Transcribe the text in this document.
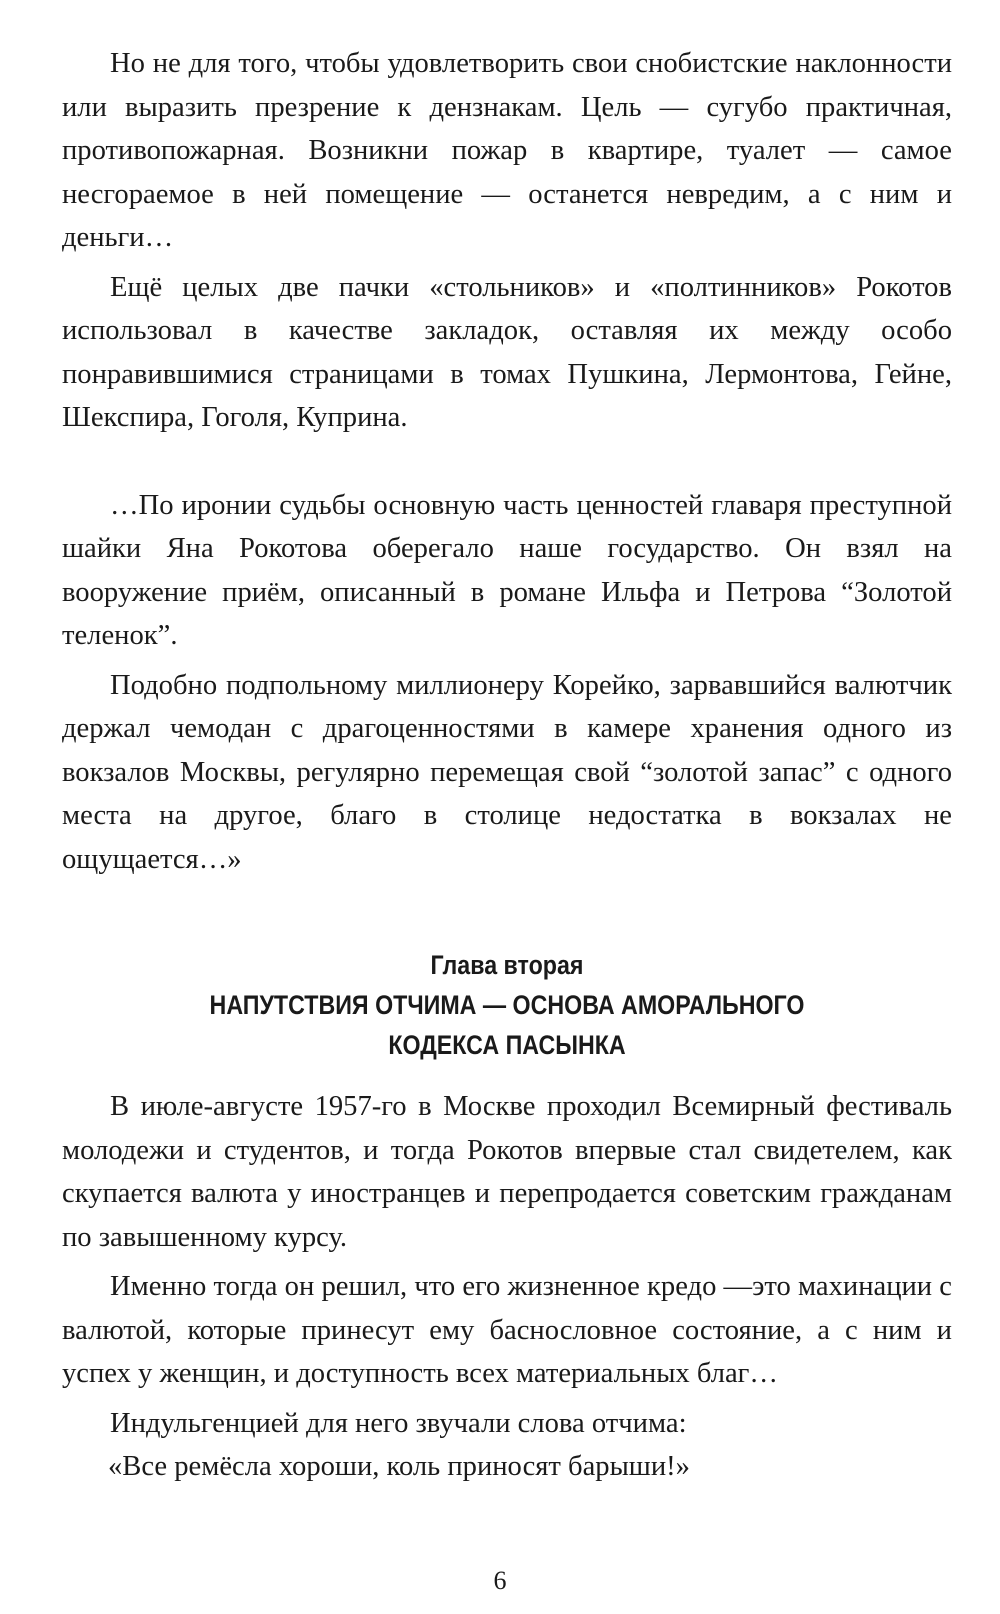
Но не для того, чтобы удовлетворить свои снобистские наклонности или выразить презрение к дензнакам. Цель — сугубо практичная, противопожарная. Возникни пожар в квартире, туалет — самое несгораемое в ней помещение — останется невредим, а с ним и деньги…

Ещё целых две пачки «стольников» и «полтинников» Рокотов использовал в качестве закладок, оставляя их между особо понравившимися страницами в томах Пушкина, Лермонтова, Гейне, Шекспира, Гоголя, Куприна.

…По иронии судьбы основную часть ценностей главаря преступной шайки Яна Рокотова оберегало наше государство. Он взял на вооружение приём, описанный в романе Ильфа и Петрова “Золотой теленок”.

Подобно подпольному миллионеру Корейко, зарвавшийся валютчик держал чемодан с драгоценностями в камере хранения одного из вокзалов Москвы, регулярно перемещая свой “золотой запас” с одного места на другое, благо в столице недостатка в вокзалах не ощущается…»

Глава вторая

НАПУТСТВИЯ ОТЧИМА — ОСНОВА АМОРАЛЬНОГО

КОДЕКСА ПАСЫНКА

В июле-августе 1957-го в Москве проходил Всемирный фестиваль молодежи и студентов, и тогда Рокотов впервые стал свидетелем, как скупается валюта у иностранцев и перепродается советским гражданам по завышенному курсу.

Именно тогда он решил, что его жизненное кредо —это махинации с валютой, которые принесут ему баснословное состояние, а с ним и успех у женщин, и доступность всех материальных благ…

Индульгенцией для него звучали слова отчима:

«Все ремёсла хороши, коль приносят барыши!»

6
